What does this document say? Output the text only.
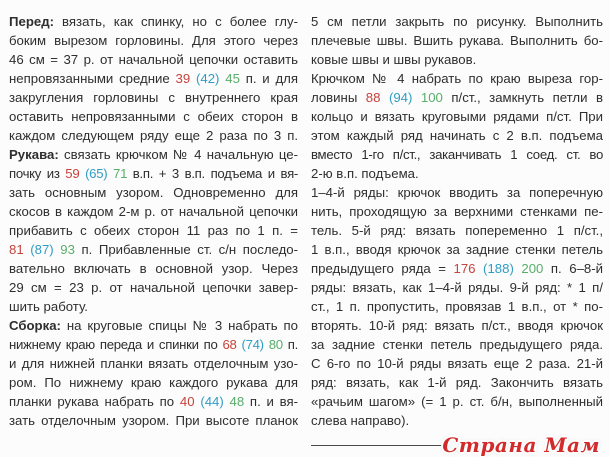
Перед: вязать, как спинку, но с более глу-
боким вырезом горловины. Для этого через
46 см = 37 р. от начальной цепочки оставить
непровязанными средние 39 (42) 45 п. и для
закругления горловины с внутреннего края
оставить непровязанными с обеих сторон в
каждом следующем ряду еще 2 раза по 3 п.
Рукава: связать крючком № 4 начальную це-
почку из 59 (65) 71 в.п. + 3 в.п. подъема и вя-
зать основным узором. Одновременно для
скосов в каждом 2-м р. от начальной цепочки
прибавить с обеих сторон 11 раз по 1 п. =
81 (87) 93 п. Прибавленные ст. с/н последо-
вательно включать в основной узор. Через
29 см = 23 р. от начальной цепочки завер-
шить работу.
Сборка: на круговые спицы № 3 набрать по
нижнему краю переда и спинки по 68 (74) 80 п.
и для нижней планки вязать отделочным узо-
ром. По нижнему краю каждого рукава для
планки рукава набрать по 40 (44) 48 п. и вя-
зать отделочным узором. При высоте планок
5 см петли закрыть по рисунку. Выполнить
плечевые швы. Вшить рукава. Выполнить бо-
ковые швы и швы рукавов.
Крючком № 4 набрать по краю выреза гор-
ловины 88 (94) 100 п/ст., замкнуть петли в
кольцо и вязать круговыми рядами п/ст. При
этом каждый ряд начинать с 2 в.п. подъема
вместо 1-го п/ст., заканчивать 1 соед. ст. во
2-ю в.п. подъема.
1–4-й ряды: крючок вводить за поперечную
нить, проходящую за верхними стенками пе-
тель. 5-й ряд: вязать попеременно 1 п/ст.,
1 в.п., вводя крючок за задние стенки петель
предыдущего ряда = 176 (188) 200 п. 6–8-й
ряды: вязать, как 1–4-й ряды. 9-й ряд: * 1 п/
ст., 1 п. пропустить, провязав 1 в.п., от * по-
вторять. 10-й ряд: вязать п/ст., вводя крючок
за задние стенки петель предыдущего ряда.
С 6-го по 10-й ряды вязать еще 2 раза. 21-й
ряд: вязать, как 1-й ряд. Закончить вязать
«рачьим шагом» (= 1 р. ст. б/н, выполненный
слева направо).
Страна Мам
